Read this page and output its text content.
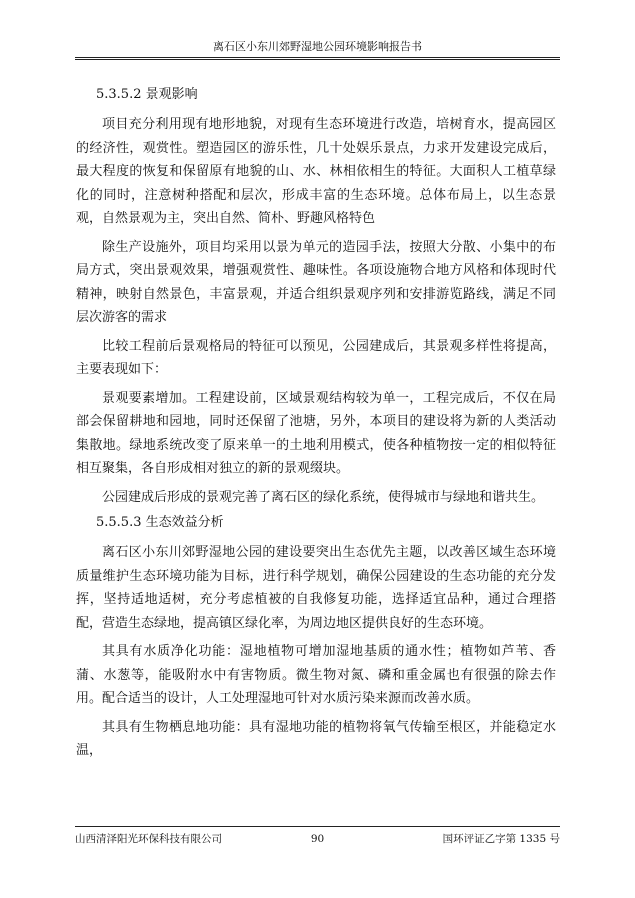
离石区小东川郊野湿地公园环境影响报告书

5.3.5.2 景观影响

项目充分利用现有地形地貌，对现有生态环境进行改造，培树育水，提高园区的经济性，观赏性。塑造园区的游乐性，几十处娱乐景点，力求开发建设完成后，最大程度的恢复和保留原有地貌的山、水、林相依相生的特征。大面积人工植草绿化的同时，注意树种搭配和层次，形成丰富的生态环境。总体布局上，以生态景观，自然景观为主，突出自然、简朴、野趣风格特色

除生产设施外，项目均采用以景为单元的造园手法，按照大分散、小集中的布局方式，突出景观效果，增强观赏性、趣味性。各项设施物合地方风格和体现时代精神，映射自然景色，丰富景观，并适合组织景观序列和安排游览路线，满足不同层次游客的需求

比较工程前后景观格局的特征可以预见，公园建成后，其景观多样性将提高，主要表现如下：

景观要素增加。工程建设前，区域景观结构较为单一，工程完成后，不仅在局部会保留耕地和园地，同时还保留了池塘，另外，本项目的建设将为新的人类活动集散地。绿地系统改变了原来单一的土地利用模式，使各种植物按一定的相似特征相互聚集，各自形成相对独立的新的景观缀块。

公园建成后形成的景观完善了离石区的绿化系统，使得城市与绿地和谐共生。

5.5.5.3 生态效益分析

离石区小东川郊野湿地公园的建设要突出生态优先主题，以改善区域生态环境质量维护生态环境功能为目标，进行科学规划，确保公园建设的生态功能的充分发挥，坚持适地适树，充分考虑植被的自我修复功能，选择适宜品种，通过合理搭配，营造生态绿地，提高镇区绿化率，为周边地区提供良好的生态环境。

其具有水质净化功能：湿地植物可增加湿地基质的通水性；植物如芦苇、香蒲、水葱等，能吸附水中有害物质。微生物对氮、磷和重金属也有很强的除去作用。配合适当的设计，人工处理湿地可针对水质污染来源而改善水质。

其具有生物栖息地功能：具有湿地功能的植物将氧气传输至根区，并能稳定水温，

山西清泽阳光环保科技有限公司	90	国环评证乙字第 1335 号
